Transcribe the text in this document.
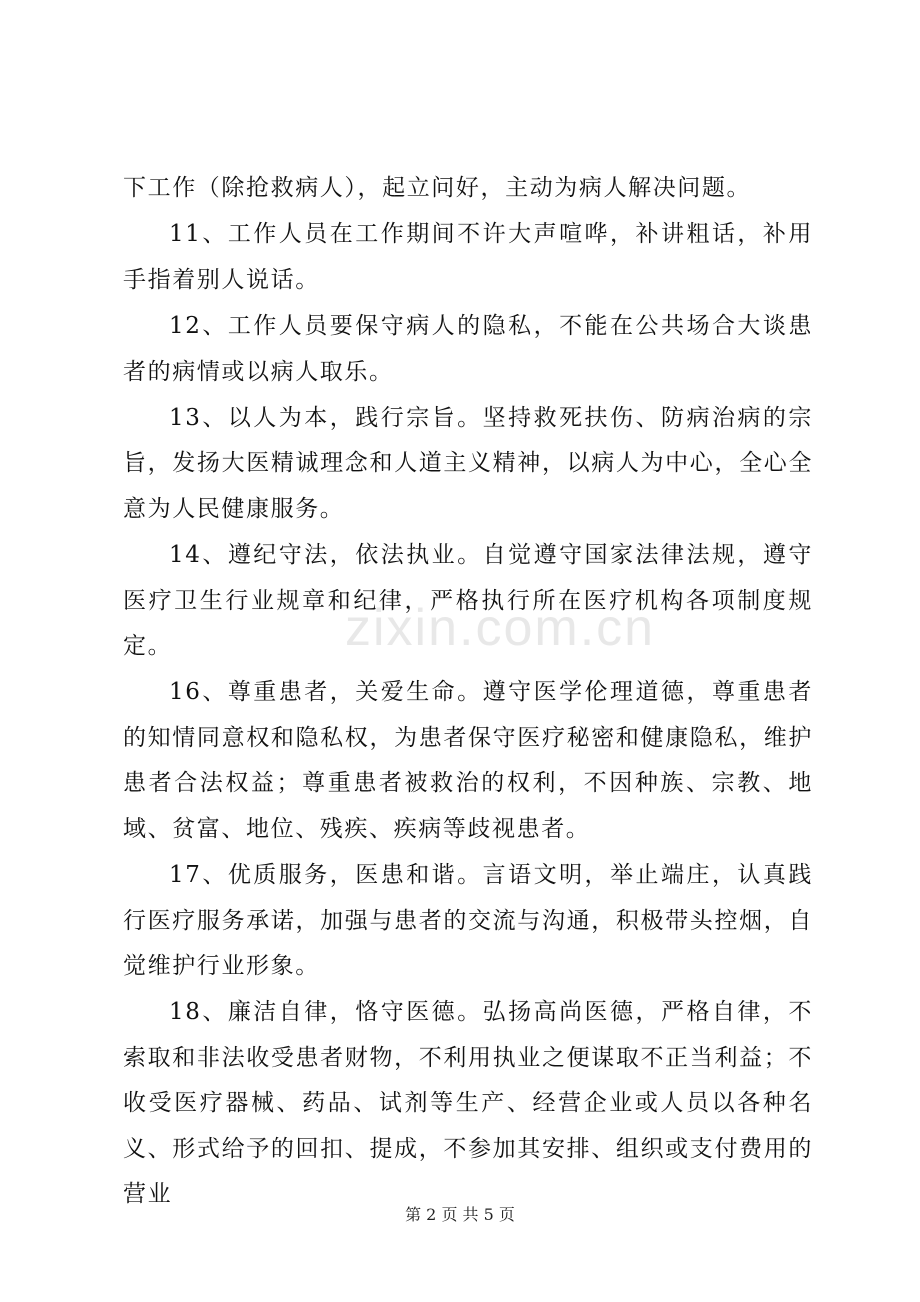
zixin.com.cn

下工作（除抢救病人），起立问好，主动为病人解决问题。

11、工作人员在工作期间不许大声喧哗，补讲粗话，补用手指着别人说话。

12、工作人员要保守病人的隐私，不能在公共场合大谈患者的病情或以病人取乐。

13、以人为本，践行宗旨。坚持救死扶伤、防病治病的宗旨，发扬大医精诚理念和人道主义精神，以病人为中心，全心全意为人民健康服务。

14、遵纪守法，依法执业。自觉遵守国家法律法规，遵守医疗卫生行业规章和纪律，严格执行所在医疗机构各项制度规定。

16、尊重患者，关爱生命。遵守医学伦理道德，尊重患者的知情同意权和隐私权，为患者保守医疗秘密和健康隐私，维护患者合法权益；尊重患者被救治的权利，不因种族、宗教、地域、贫富、地位、残疾、疾病等歧视患者。

17、优质服务，医患和谐。言语文明，举止端庄，认真践行医疗服务承诺，加强与患者的交流与沟通，积极带头控烟，自觉维护行业形象。

18、廉洁自律，恪守医德。弘扬高尚医德，严格自律，不索取和非法收受患者财物，不利用执业之便谋取不正当利益；不收受医疗器械、药品、试剂等生产、经营企业或人员以各种名义、形式给予的回扣、提成，不参加其安排、组织或支付费用的营业

第 2 页 共 5 页
